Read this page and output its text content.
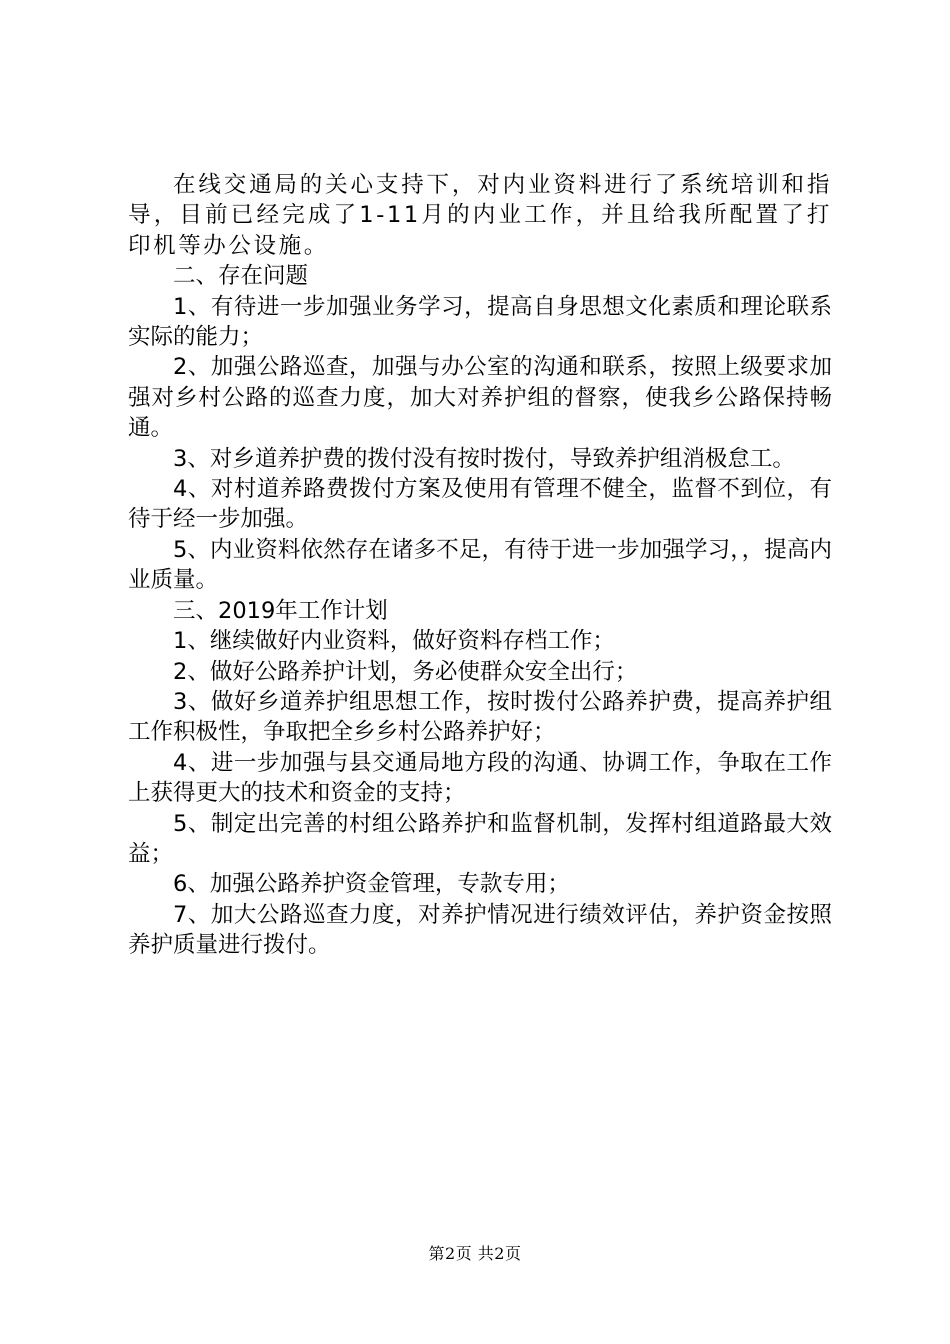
在线交通局的关心支持下，对内业资料进行了系统培训和指导，目前已经完成了1-11月的内业工作，并且给我所配置了打印机等办公设施。

二、存在问题

1、有待进一步加强业务学习，提高自身思想文化素质和理论联系实际的能力；

2、加强公路巡查，加强与办公室的沟通和联系，按照上级要求加强对乡村公路的巡查力度，加大对养护组的督察，使我乡公路保持畅通。

3、对乡道养护费的拨付没有按时拨付，导致养护组消极怠工。

4、对村道养路费拨付方案及使用有管理不健全，监督不到位，有待于经一步加强。

5、内业资料依然存在诸多不足，有待于进一步加强学习，，提高内业质量。

三、2019年工作计划

1、继续做好内业资料，做好资料存档工作；

2、做好公路养护计划，务必使群众安全出行；

3、做好乡道养护组思想工作，按时拨付公路养护费，提高养护组工作积极性，争取把全乡乡村公路养护好；

4、进一步加强与县交通局地方段的沟通、协调工作，争取在工作上获得更大的技术和资金的支持；

5、制定出完善的村组公路养护和监督机制，发挥村组道路最大效益；

6、加强公路养护资金管理，专款专用；

7、加大公路巡查力度，对养护情况进行绩效评估，养护资金按照养护质量进行拨付。

第2页 共2页
